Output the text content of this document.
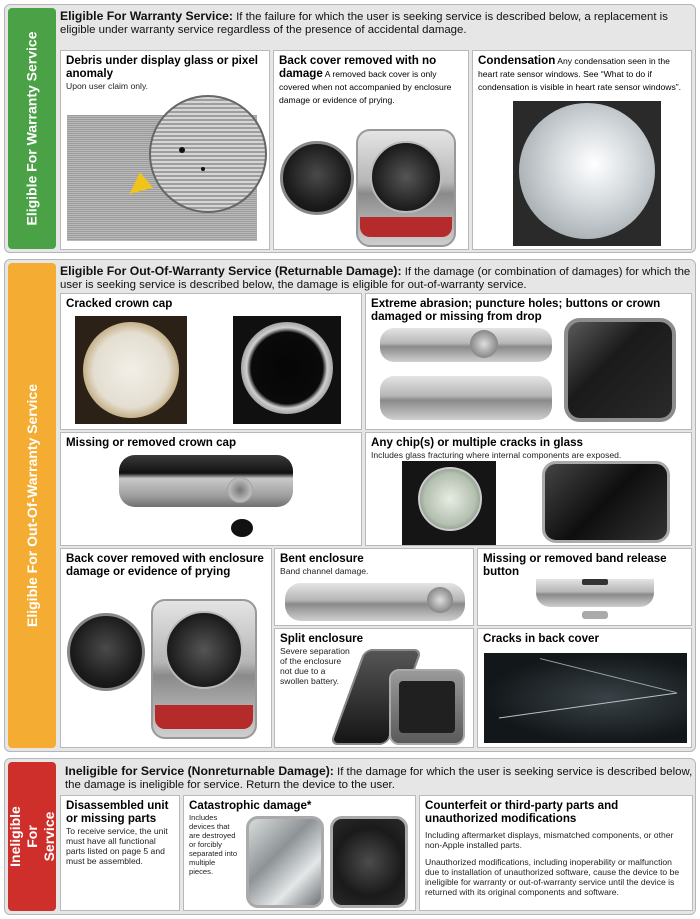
Eligible For Warranty Service
Eligible For Warranty Service: If the failure for which the user is seeking service is described below, a replacement is eligible under warranty service regardless of the presence of accidental damage.
Debris under display glass or pixel anomaly

Upon user claim only.

Back cover removed with no damage A removed back cover is only covered when not accompanied by enclosure damage or evidence of prying.
Condensation Any condensation seen in the heart rate sensor windows. See “What to do if condensation is visible in heart rate sensor windows”.
Eligible For Out-Of-Warranty Service
Eligible For Out-Of-Warranty Service (Returnable Damage): If the damage (or combination of damages) for which the user is seeking service is described below, the damage is eligible for out-of-warranty service.
Cracked crown cap	Extreme abrasion; puncture holes; buttons or crown damaged or missing from drop
Missing or removed crown cap	Any chip(s) or multiple cracks in glass

Includes glass fracturing where internal components are exposed.

Back cover removed with enclosure damage or evidence of prying
Bent enclosure

Band channel damage.

Missing or removed band release button
Split enclosure

Severe separation of the enclosure not due to a swollen battery.

Cracks in back cover
Ineligible For Service
Ineligible for Service (Nonreturnable Damage): If the damage for which the user is seeking service is described below, the damage is ineligible for service. Return the device to the user.
Disassembled unit or missing parts

To receive service, the unit must have all functional parts listed on page 5 and must be assembled.

Catastrophic damage*

Includes devices that are destroyed or forcibly separated into multiple pieces.

Counterfeit or third-party parts and unauthorized modifications

Including aftermarket displays, mismatched components, or other non-Apple installed parts.

Unauthorized modifications, including inoperability or malfunction due to installation of unauthorized software, cause the device to be ineligible for warranty or out-of-warranty service until the device is returned with its original components and software.
